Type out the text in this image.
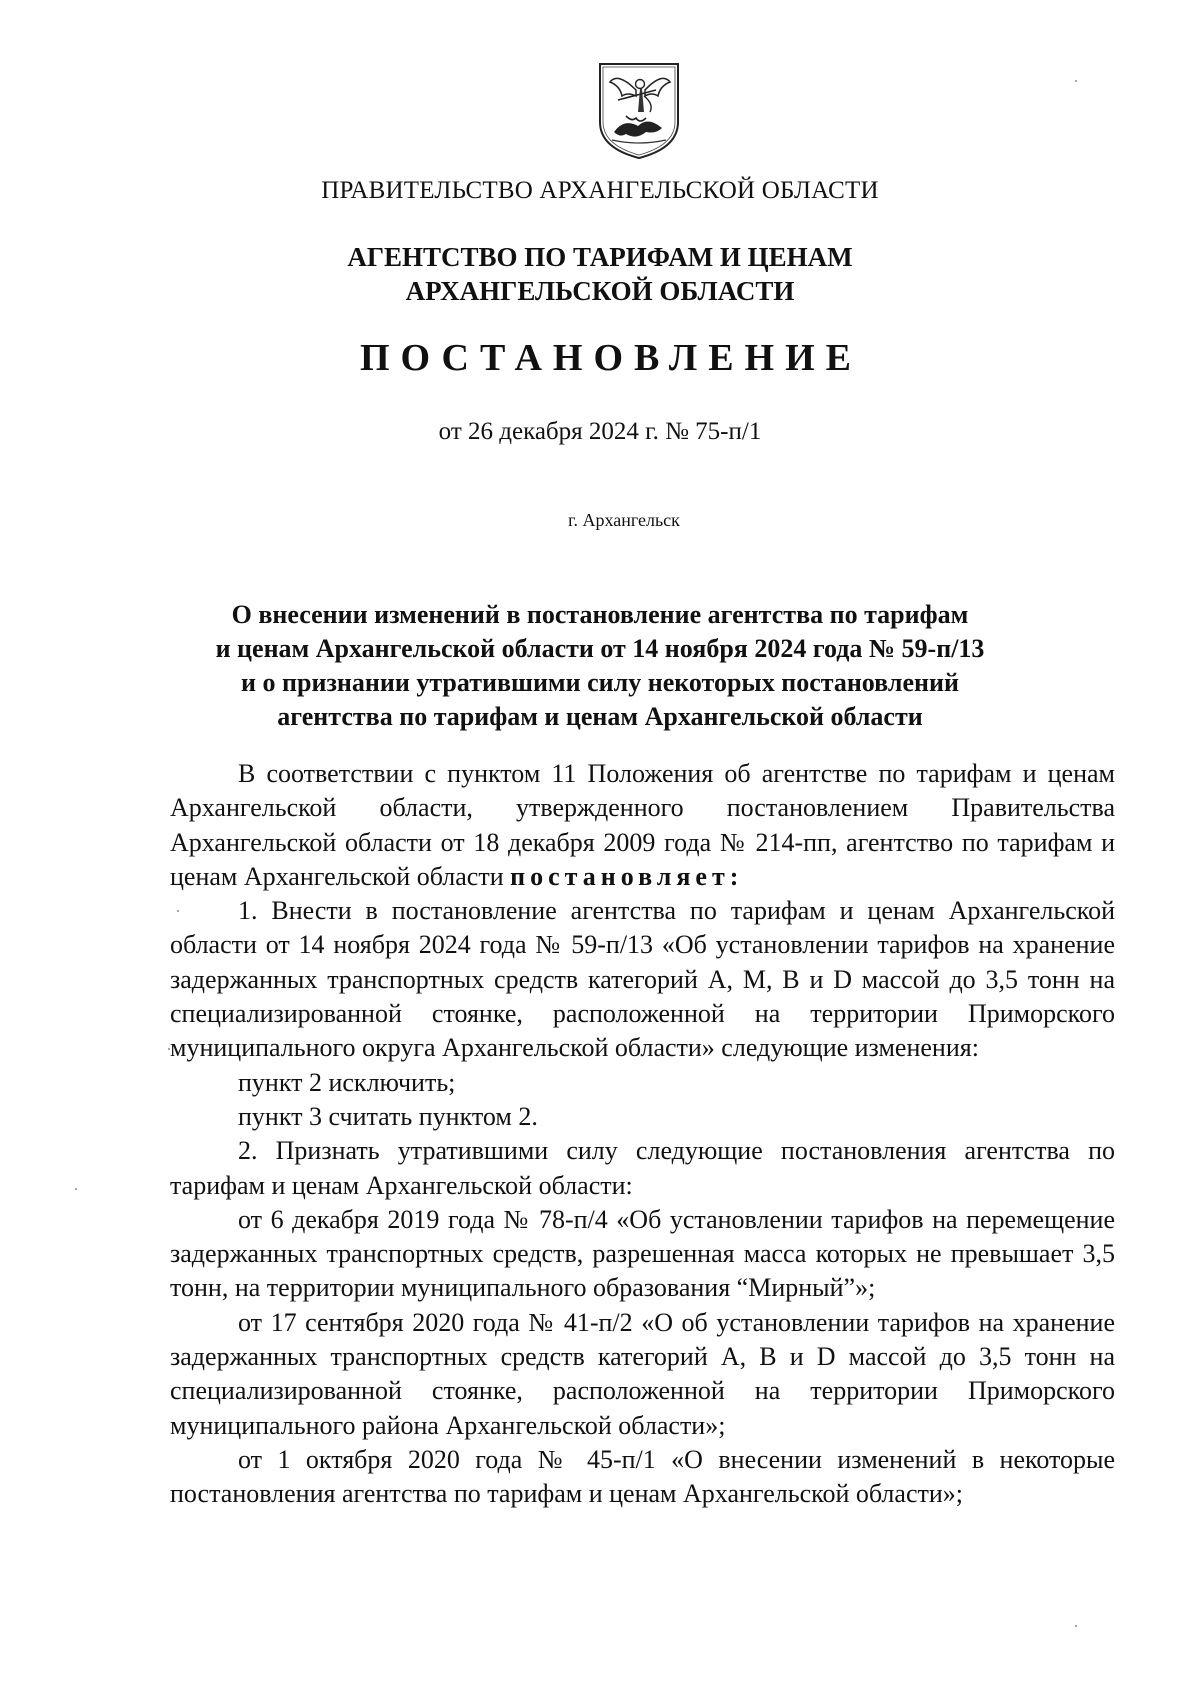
ПРАВИТЕЛЬСТВО АРХАНГЕЛЬСКОЙ ОБЛАСТИ
АГЕНТСТВО ПО ТАРИФАМ И ЦЕНАМ
АРХАНГЕЛЬСКОЙ ОБЛАСТИ
ПОСТАНОВЛЕНИЕ
от 26 декабря 2024 г. № 75-п/1
г. Архангельск
О внесении изменений в постановление агентства по тарифам
и ценам Архангельской области от 14 ноября 2024 года № 59-п/13
и о признании утратившими силу некоторых постановлений
агентства по тарифам и ценам Архангельской области

В соответствии с пунктом 11 Положения об агентстве по тарифам и ценам Архангельской области, утвержденного постановлением Правительства Архангельской области от 18 декабря 2009 года № 214-пп, агентство по тарифам и ценам Архангельской области постановляет:

1. Внести в постановление агентства по тарифам и ценам Архангельской области от 14 ноября 2024 года № 59-п/13 «Об установлении тарифов на хранение задержанных транспортных средств категорий A, M, B и D массой до 3,5 тонн на специализированной стоянке, расположенной на территории Приморского муниципального округа Архангельской области» следующие изменения:

пункт 2 исключить;

пункт 3 считать пунктом 2.

2. Признать утратившими силу следующие постановления агентства по тарифам и ценам Архангельской области:

от 6 декабря 2019 года № 78-п/4 «Об установлении тарифов на перемещение задержанных транспортных средств, разрешенная масса которых не превышает 3,5 тонн, на территории муниципального образования “Мирный”»;

от 17 сентября 2020 года № 41-п/2 «О об установлении тарифов на хранение задержанных транспортных средств категорий A, B и D массой до 3,5 тонн на специализированной стоянке, расположенной на территории Приморского муниципального района Архангельской области»;

от 1 октября 2020 года № 45-п/1 «О внесении изменений в некоторые постановления агентства по тарифам и ценам Архангельской области»;
